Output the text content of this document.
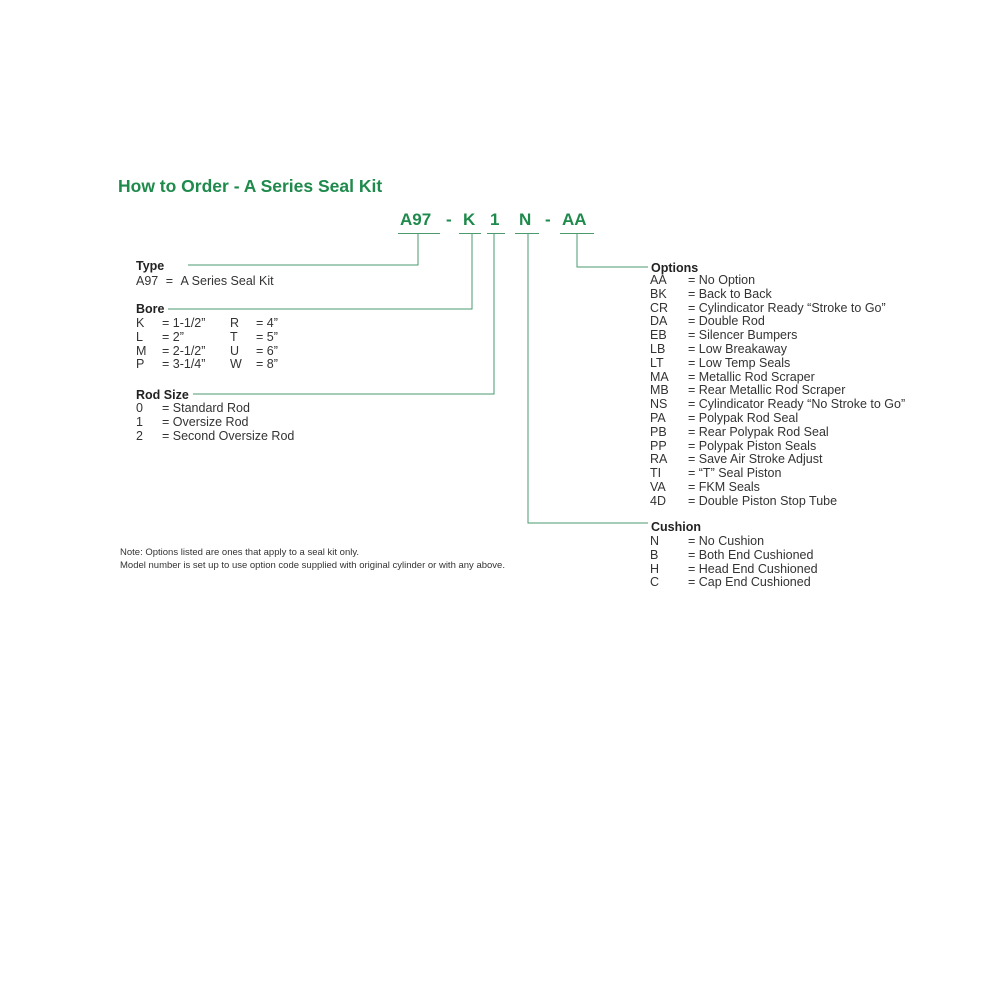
How to Order - A Series Seal Kit
A97 - K 1 N - AA
Type
A97 = A Series Seal Kit
Bore
K = 1-1/2” R = 4”
L = 2”	T = 5”
M = 2-1/2” U = 6”
P = 3-1/4” W = 8”
Rod Size
0 = Standard Rod
1 = Oversize Rod
2 = Second Oversize Rod
Options
AA = No Option
BK = Back to Back
CR = Cylindicator Ready “Stroke to Go”
DA = Double Rod
EB = Silencer Bumpers
LB = Low Breakaway
LT = Low Temp Seals
MA = Metallic Rod Scraper
MB = Rear Metallic Rod Scraper
NS = Cylindicator Ready “No Stroke to Go”
PA = Polypak Rod Seal
PB = Rear Polypak Rod Seal
PP = Polypak Piston Seals
RA = Save Air Stroke Adjust
TI = “T” Seal Piston
VA = FKM Seals
4D = Double Piston Stop Tube
Cushion
N = No Cushion
B = Both End Cushioned
H = Head End Cushioned
C = Cap End Cushioned
Note: Options listed are ones that apply to a seal kit only.
Model number is set up to use option code supplied with original cylinder or with any above.
